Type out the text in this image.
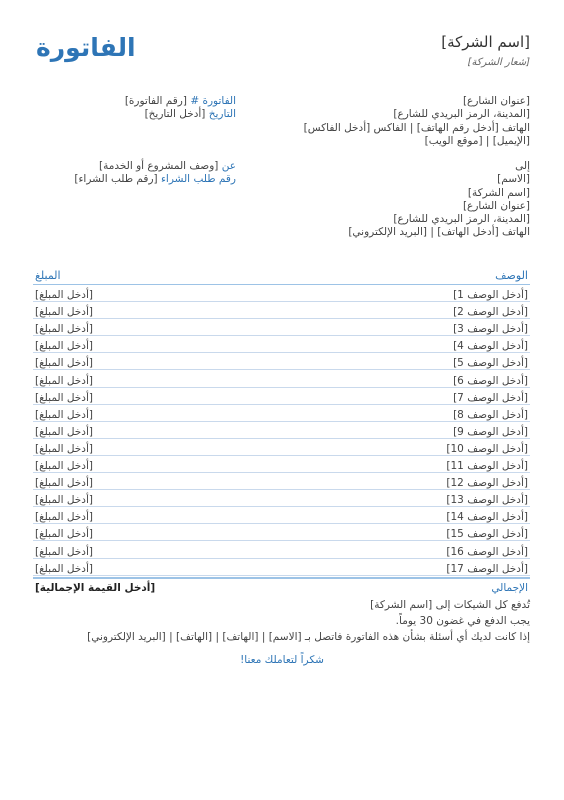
[اسم الشركة]
[شعار الشركة]
الفاتورة
[عنوان الشارع]
[المدينة، الرمز البريدي للشارع]
الهاتف [أدخل رقم الهاتف] | الفاكس [أدخل الفاكس]
[الإيميل] | [موقع الويب]
الفاتورة # [رقم الفاتورة]
التاريخ [أدخل التاريخ]
إلى
[الاسم]
[اسم الشركة]
[عنوان الشارع]
[المدينة، الرمز البريدي للشارع]
الهاتف [أدخل الهاتف] | [البريد الإلكتروني]
عن [وصف المشروع أو الخدمة]
رقم طلب الشراء [رقم طلب الشراء]
الوصف
المبلغ
[أدخل الوصف 1]
[أدخل المبلغ]
[أدخل الوصف 2]
[أدخل المبلغ]
[أدخل الوصف 3]
[أدخل المبلغ]
[أدخل الوصف 4]
[أدخل المبلغ]
[أدخل الوصف 5]
[أدخل المبلغ]
[أدخل الوصف 6]
[أدخل المبلغ]
[أدخل الوصف 7]
[أدخل المبلغ]
[أدخل الوصف 8]
[أدخل المبلغ]
[أدخل الوصف 9]
[أدخل المبلغ]
[أدخل الوصف 10]
[أدخل المبلغ]
[أدخل الوصف 11]
[أدخل المبلغ]
[أدخل الوصف 12]
[أدخل المبلغ]
[أدخل الوصف 13]
[أدخل المبلغ]
[أدخل الوصف 14]
[أدخل المبلغ]
[أدخل الوصف 15]
[أدخل المبلغ]
[أدخل الوصف 16]
[أدخل المبلغ]
[أدخل الوصف 17]
[أدخل المبلغ]
الإجمالي
[أدخل القيمة الإجمالية]
تُدفع كل الشيكات إلى [اسم الشركة]
يجب الدفع في غضون 30 يوماً.
إذا كانت لديك أي أسئلة بشأن هذه الفاتورة فاتصل بـ [الاسم] | [الهاتف] | [الهاتف] | [البريد الإلكتروني]
شكراً لتعاملك معنا!
